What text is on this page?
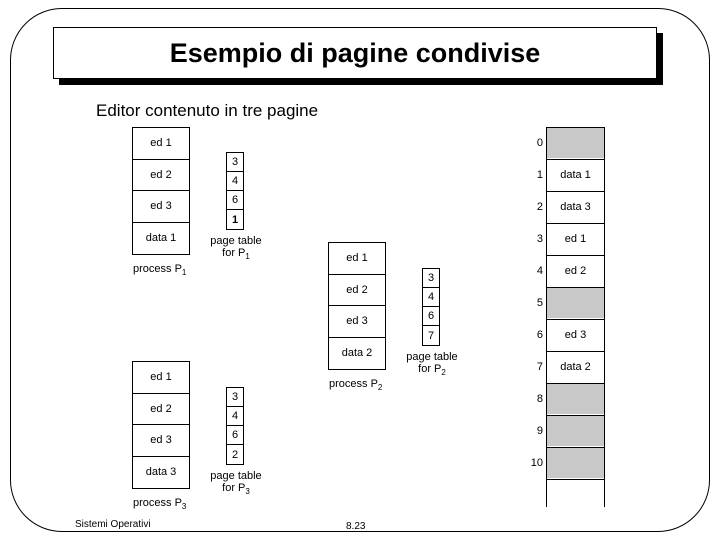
Esempio di pagine condivise
Editor contenuto in tre pagine
ed 1
ed 2
ed 3
data 1
process $P_1$
3
4
6
1
page table
for $P_1$	ed 1
ed 2
ed 3
data 2
process $P_2$
3
4
6
7
page table
for $P_2$
ed 1
ed 2
ed 3
data 3
process $P_3$
3
4
6
2
page table
for $P_3$
data 1
data 3
ed 1
ed 2
ed 3
data 2
0
1
2
3
4
5
6
7
8
9
10
Sistemi Operativi	8.23
